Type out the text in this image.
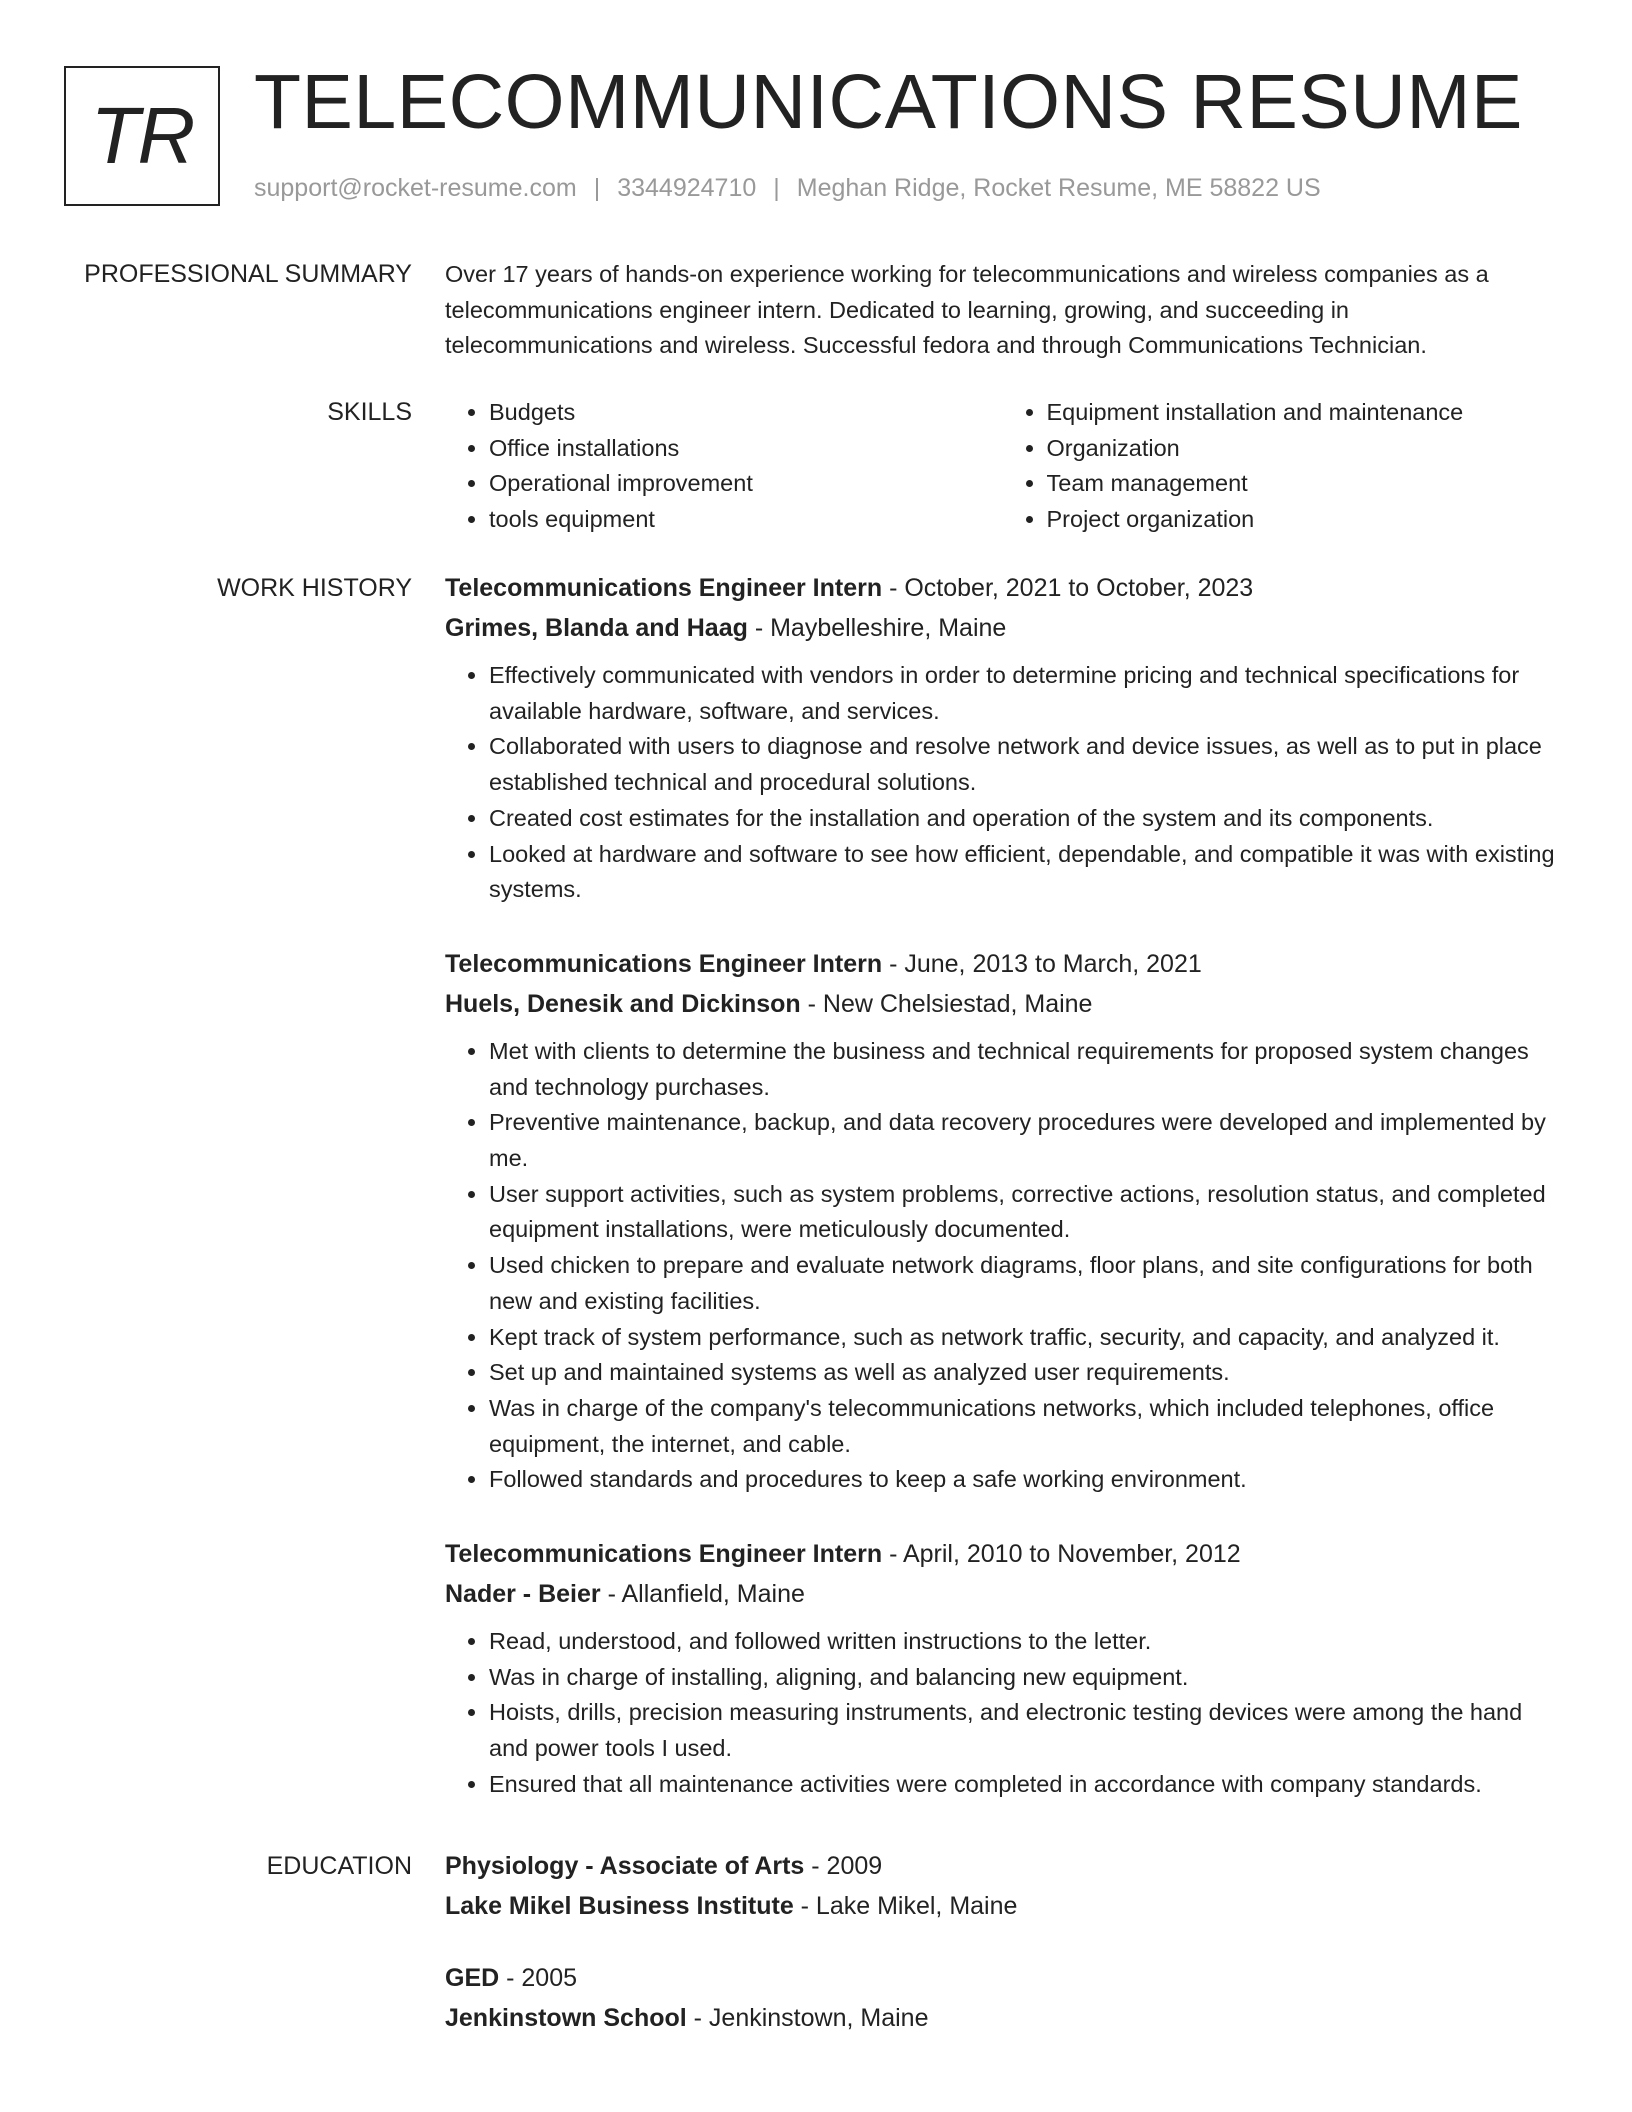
TR TELECOMMUNICATIONS RESUME
support@rocket-resume.com | 3344924710 | Meghan Ridge, Rocket Resume, ME 58822 US
PROFESSIONAL SUMMARY Over 17 years of hands-on experience working for telecommunications and wireless companies as a telecommunications engineer intern. Dedicated to learning, growing, and succeeding in telecommunications and wireless. Successful fedora and through Communications Technician.

SKILLS
•	Budgets
• Office installations
• Operational improvement
• tools equipment
• Equipment installation and maintenance
• Organization
• Team management
• Project organization
WORK HISTORY Telecommunications Engineer Intern - October, 2021 to October, 2023
Grimes, Blanda and Haag - Maybelleshire, Maine
• Effectively communicated with vendors in order to determine pricing and technical specifications for available hardware, software, and services.
• Collaborated with users to diagnose and resolve network and device issues, as well as to put in place established technical and procedural solutions.
• Created cost estimates for the installation and operation of the system and its components.
• Looked at hardware and software to see how efficient, dependable, and compatible it was with existing systems.
Telecommunications Engineer Intern - June, 2013 to March, 2021
Huels, Denesik and Dickinson - New Chelsiestad, Maine
• Met with clients to determine the business and technical requirements for proposed system changes and technology purchases.
• Preventive maintenance, backup, and data recovery procedures were developed and implemented by me.
• User support activities, such as system problems, corrective actions, resolution status, and completed equipment installations, were meticulously documented.
• Used chicken to prepare and evaluate network diagrams, floor plans, and site configurations for both new and existing facilities.
• Kept track of system performance, such as network traffic, security, and capacity, and analyzed it.
• Set up and maintained systems as well as analyzed user requirements.
• Was in charge of the company's telecommunications networks, which included telephones, office equipment, the internet, and cable.
• Followed standards and procedures to keep a safe working environment.
Telecommunications Engineer Intern - April, 2010 to November, 2012
Nader - Beier - Allanfield, Maine
• Read, understood, and followed written instructions to the letter.
• Was in charge of installing, aligning, and balancing new equipment.
• Hoists, drills, precision measuring instruments, and electronic testing devices were among the hand and power tools I used.
• Ensured that all maintenance activities were completed in accordance with company standards.
EDUCATION Physiology - Associate of Arts - 2009
Lake Mikel Business Institute - Lake Mikel, Maine
GED - 2005
Jenkinstown School - Jenkinstown, Maine
